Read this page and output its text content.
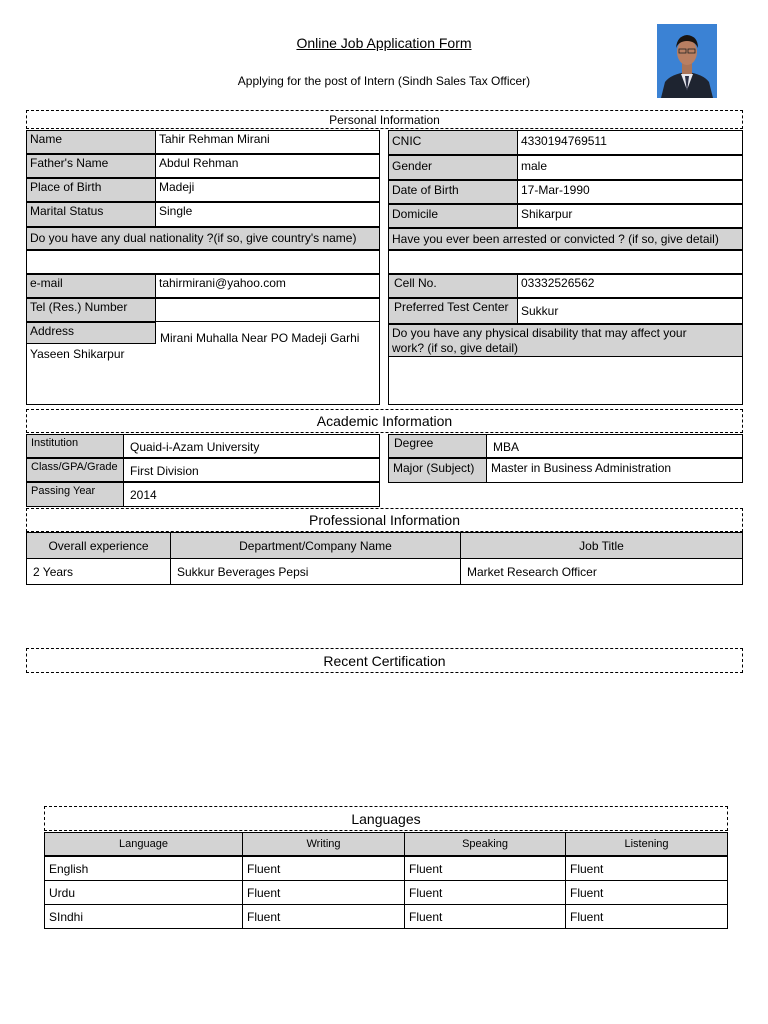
Online Job Application Form
Applying for the post of Intern (Sindh Sales Tax Officer)
Personal Information
Name	Tahir Rehman Mirani
Father's Name	Abdul Rehman
Place of Birth	Madeji
Marital Status	Single
Do you have any dual nationality ?(if so, give country's name)
e-mail	tahirmirani@yahoo.com
Tel (Res.) Number
Address	Mirani Muhalla Near PO Madeji Garhi
Yaseen Shikarpur
CNIC	4330194769511
Gender	male
Date of Birth	17-Mar-1990
Domicile	Shikarpur
Have you ever been arrested or convicted ? (if so, give detail)
Cell No.	03332526562
Preferred Test Center	Sukkur
Do you have any physical disability that may affect your
work? (if so, give detail)
Academic Information
Institution	Quaid-i-Azam University
Class/GPA/Grade	First Division
Passing Year	2014
Degree	MBA
Major (Subject)	Master in Business Administration
Professional Information
Overall experience	Department/Company Name	Job Title
2 Years	Sukkur Beverages Pepsi	Market Research Officer
Recent Certification
Languages
Language	Writing	Speaking	Listening
English	Fluent	Fluent	Fluent
Urdu	Fluent	Fluent	Fluent
SIndhi	Fluent	Fluent	Fluent
